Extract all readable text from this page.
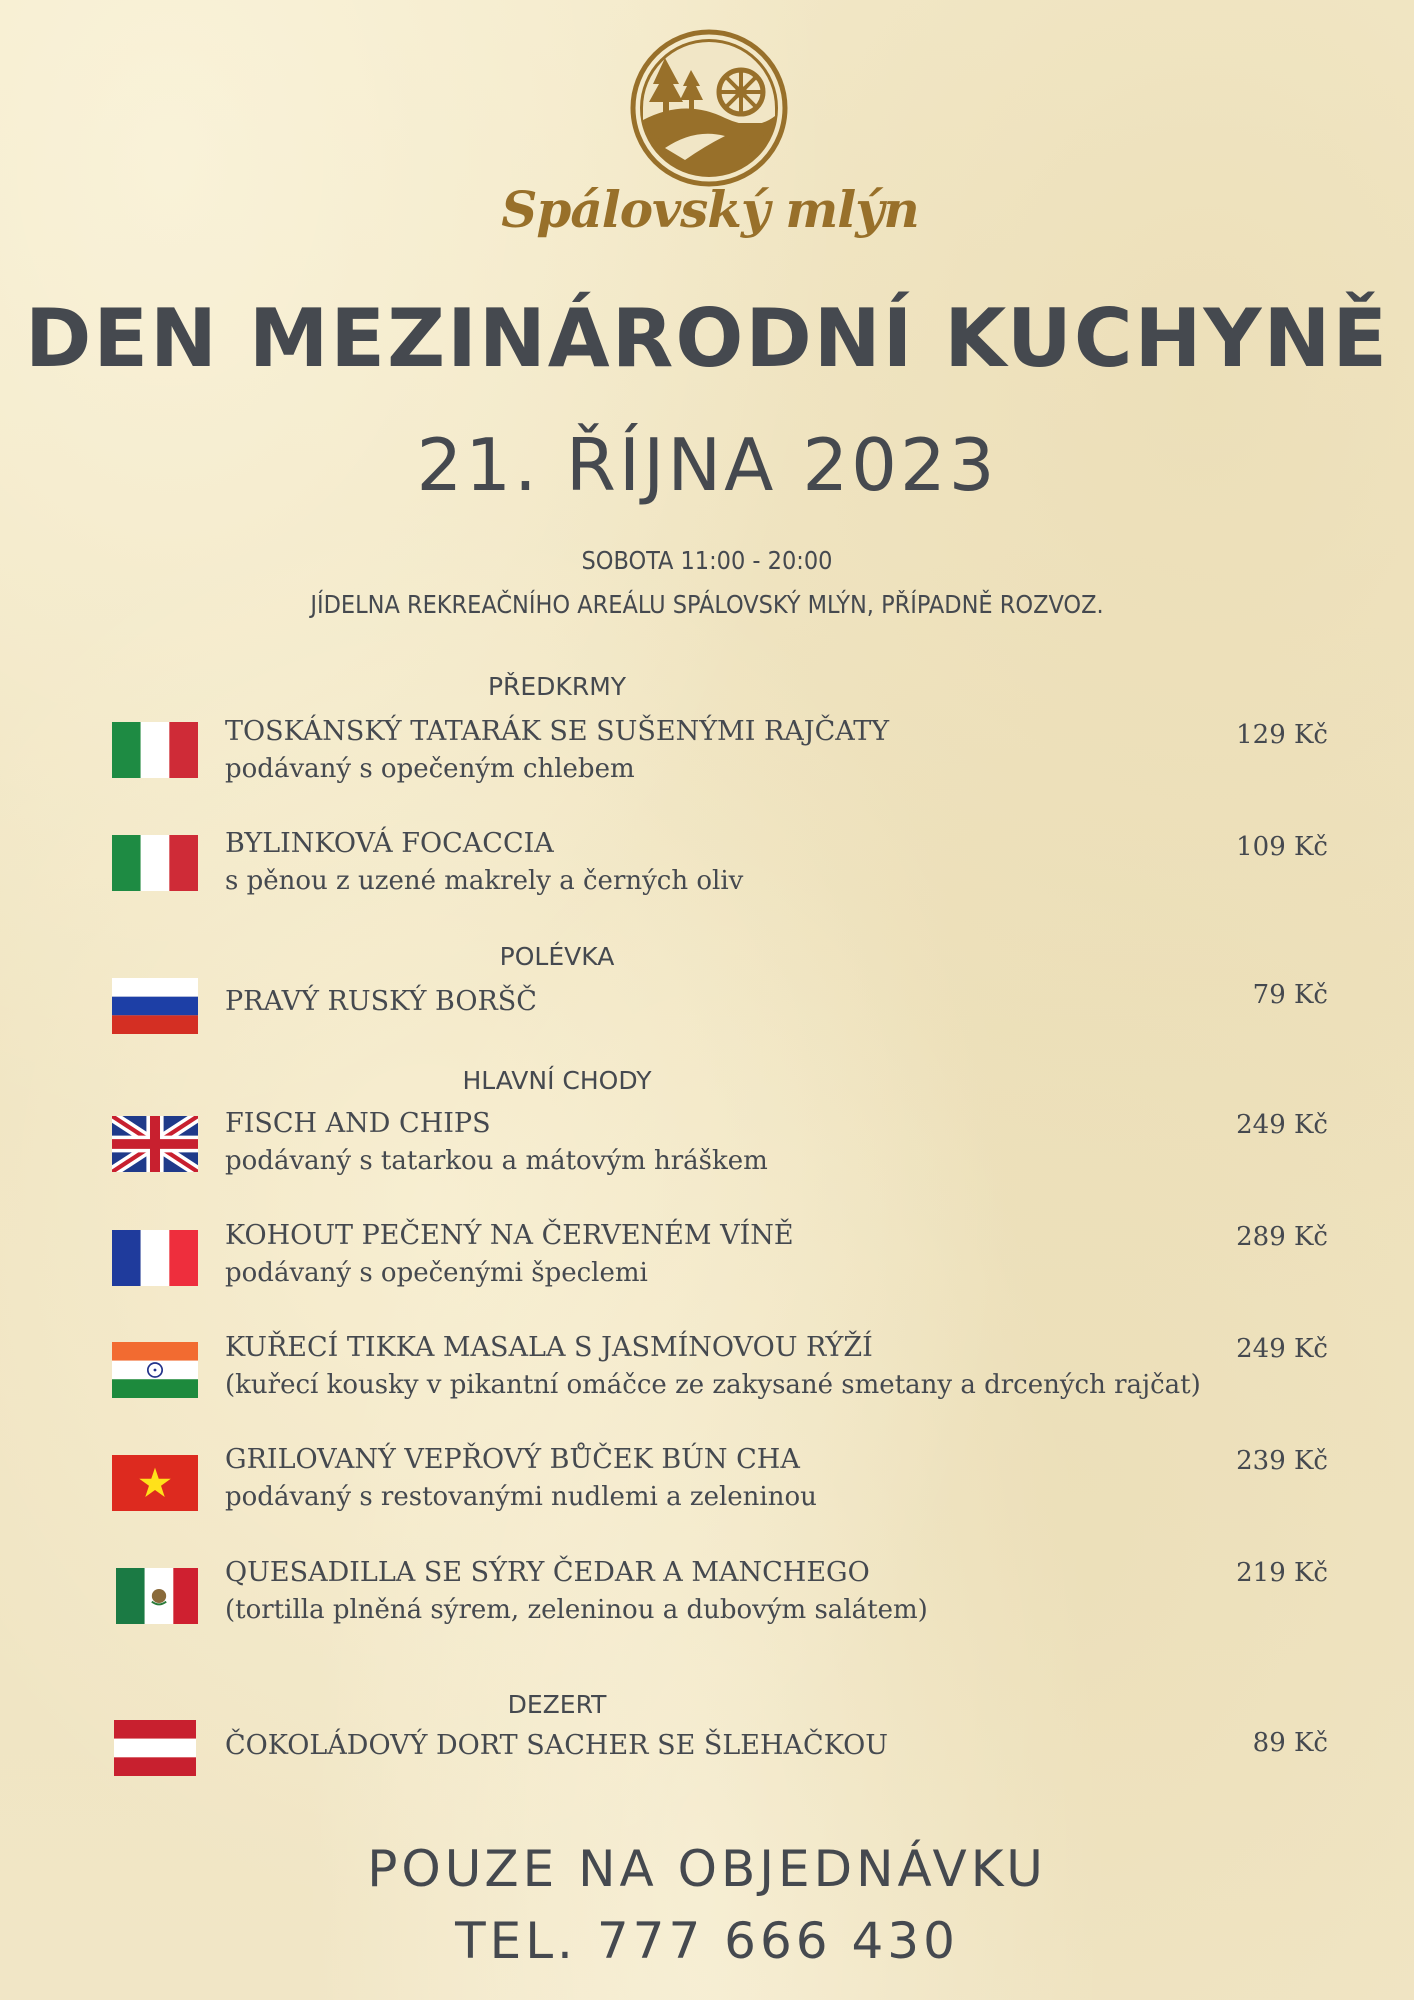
Spálovský mlýn
DEN MEZINÁRODNÍ KUCHYNĚ
21. ŘÍJNA 2023
SOBOTA 11:00 - 20:00
JÍDELNA REKREAČNÍHO AREÁLU SPÁLOVSKÝ MLÝN, PŘÍPADNĚ ROZVOZ.
PŘEDKRMY
TOSKÁNSKÝ TATARÁK SE SUŠENÝMI RAJČATY
podávaný s opečeným chlebem
129 Kč
BYLINKOVÁ FOCACCIA
s pěnou z uzené makrely a černých oliv
109 Kč
POLÉVKA
PRAVÝ RUSKÝ BORŠČ	79 Kč
HLAVNÍ CHODY
FISCH AND CHIPS
podávaný s tatarkou a mátovým hráškem
249 Kč
KOHOUT PEČENÝ NA ČERVENÉM VÍNĚ
podávaný s opečenými špeclemi
289 Kč
KUŘECÍ TIKKA MASALA S JASMÍNOVOU RÝŽÍ
(kuřecí kousky v pikantní omáčce ze zakysané smetany a drcených rajčat)
249 Kč
GRILOVANÝ VEPŘOVÝ BŮČEK BÚN CHA
podávaný s restovanými nudlemi a zeleninou
239 Kč
QUESADILLA SE SÝRY ČEDAR A MANCHEGO
(tortilla plněná sýrem, zeleninou a dubovým salátem)
219 Kč
DEZERT
ČOKOLÁDOVÝ DORT SACHER SE ŠLEHAČKOU	89 Kč
POUZE NA OBJEDNÁVKU
TEL. 777 666 430
